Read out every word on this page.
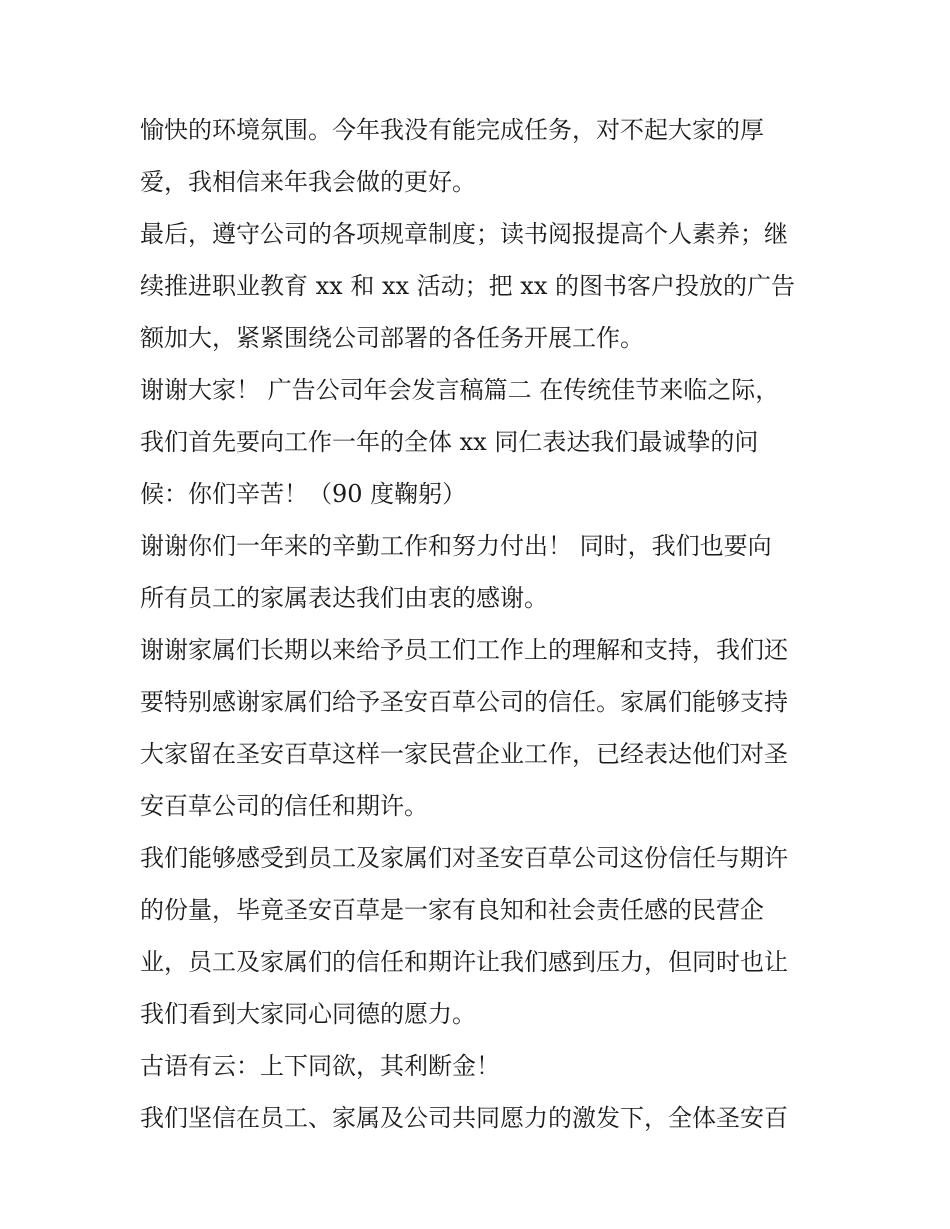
愉快的环境氛围。今年我没有能完成任务，对不起大家的厚
爱，我相信来年我会做的更好。
最后，遵守公司的各项规章制度；读书阅报提高个人素养；继
续推进职业教育 xx 和 xx 活动；把 xx 的图书客户投放的广告
额加大，紧紧围绕公司部署的各任务开展工作。
谢谢大家！ 广告公司年会发言稿篇二 在传统佳节来临之际，
我们首先要向工作一年的全体 xx 同仁表达我们最诚挚的问
候：你们辛苦！（90 度鞠躬）
谢谢你们一年来的辛勤工作和努力付出！ 同时，我们也要向
所有员工的家属表达我们由衷的感谢。
谢谢家属们长期以来给予员工们工作上的理解和支持，我们还
要特别感谢家属们给予圣安百草公司的信任。家属们能够支持
大家留在圣安百草这样一家民营企业工作，已经表达他们对圣
安百草公司的信任和期许。
我们能够感受到员工及家属们对圣安百草公司这份信任与期许
的份量，毕竟圣安百草是一家有良知和社会责任感的民营企
业，员工及家属们的信任和期许让我们感到压力，但同时也让
我们看到大家同心同德的愿力。
古语有云：上下同欲，其利断金！
我们坚信在员工、家属及公司共同愿力的激发下，全体圣安百
